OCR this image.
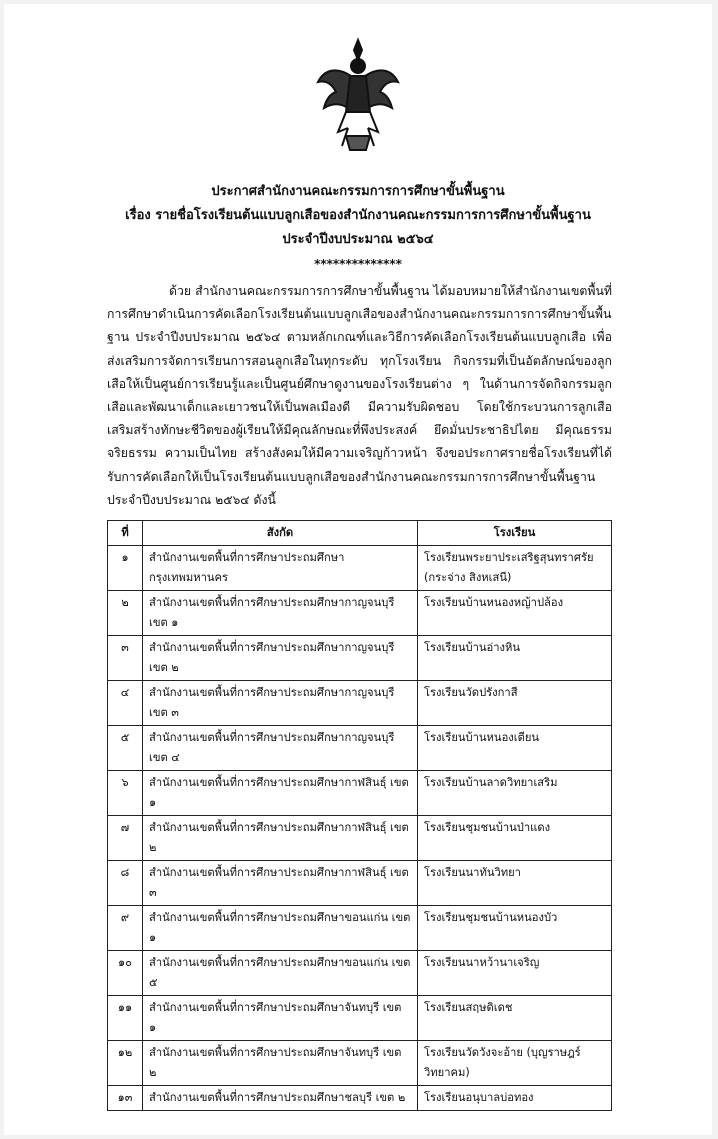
ประกาศสำนักงานคณะกรรมการการศึกษาขั้นพื้นฐาน
เรื่อง รายชื่อโรงเรียนต้นแบบลูกเสือของสำนักงานคณะกรรมการการศึกษาขั้นพื้นฐาน
ประจำปีงบประมาณ ๒๕๖๔
**************
ด้วย สำนักงานคณะกรรมการการศึกษาขั้นพื้นฐาน ได้มอบหมายให้สำนักงานเขตพื้นที่การศึกษาดำเนินการคัดเลือกโรงเรียนต้นแบบลูกเสือของสำนักงานคณะกรรมการการศึกษาขั้นพื้นฐาน ประจำปีงบประมาณ ๒๕๖๔ ตามหลักเกณฑ์และวิธีการคัดเลือกโรงเรียนต้นแบบลูกเสือ เพื่อส่งเสริมการจัดการเรียนการสอนลูกเสือในทุกระดับ ทุกโรงเรียน กิจกรรมที่เป็นอัตลักษณ์ของลูกเสือให้เป็นศูนย์การเรียนรู้และเป็นศูนย์ศึกษาดูงานของโรงเรียนต่าง ๆ ในด้านการจัดกิจกรรมลูกเสือและพัฒนาเด็กและเยาวชนให้เป็นพลเมืองดี มีความรับผิดชอบ โดยใช้กระบวนการลูกเสือ เสริมสร้างทักษะชีวิตของผู้เรียนให้มีคุณลักษณะที่พึงประสงค์ ยึดมั่นประชาธิปไตย มีคุณธรรม จริยธรรม ความเป็นไทย สร้างสังคมให้มีความเจริญก้าวหน้า จึงขอประกาศรายชื่อโรงเรียนที่ได้รับการคัดเลือกให้เป็นโรงเรียนต้นแบบลูกเสือของสำนักงานคณะกรรมการการศึกษาขั้นพื้นฐาน ประจำปีงบประมาณ ๒๕๖๔ ดังนี้
ที่	สังกัด	โรงเรียน
๑	สำนักงานเขตพื้นที่การศึกษาประถมศึกษากรุงเทพมหานคร	โรงเรียนพระยาประเสริฐสุนทราศรัย (กระจ่าง สิงหเสนี)
๒	สำนักงานเขตพื้นที่การศึกษาประถมศึกษากาญจนบุรี เขต ๑	โรงเรียนบ้านหนองหญ้าปล้อง
๓	สำนักงานเขตพื้นที่การศึกษาประถมศึกษากาญจนบุรี เขต ๒	โรงเรียนบ้านอ่างหิน
๔	สำนักงานเขตพื้นที่การศึกษาประถมศึกษากาญจนบุรี เขต ๓	โรงเรียนวัดปรังกาสี
๕	สำนักงานเขตพื้นที่การศึกษาประถมศึกษากาญจนบุรี เขต ๔	โรงเรียนบ้านหนองเตียน
๖	สำนักงานเขตพื้นที่การศึกษาประถมศึกษากาฬสินธุ์ เขต ๑	โรงเรียนบ้านลาดวิทยาเสริม
๗	สำนักงานเขตพื้นที่การศึกษาประถมศึกษากาฬสินธุ์ เขต ๒	โรงเรียนชุมชนบ้านป่าแดง
๘	สำนักงานเขตพื้นที่การศึกษาประถมศึกษากาฬสินธุ์ เขต ๓	โรงเรียนนาทันวิทยา
๙	สำนักงานเขตพื้นที่การศึกษาประถมศึกษาขอนแก่น เขต ๑	โรงเรียนชุมชนบ้านหนองบัว
๑๐	สำนักงานเขตพื้นที่การศึกษาประถมศึกษาขอนแก่น เขต ๕	โรงเรียนนาหว้านาเจริญ
๑๑	สำนักงานเขตพื้นที่การศึกษาประถมศึกษาจันทบุรี เขต ๑	โรงเรียนสฤษดิเดช
๑๒	สำนักงานเขตพื้นที่การศึกษาประถมศึกษาจันทบุรี เขต ๒	โรงเรียนวัดวังจะอ้าย (บุญราษฎร์วิทยาคม)
๑๓	สำนักงานเขตพื้นที่การศึกษาประถมศึกษาชลบุรี เขต ๒	โรงเรียนอนุบาลบ่อทอง
